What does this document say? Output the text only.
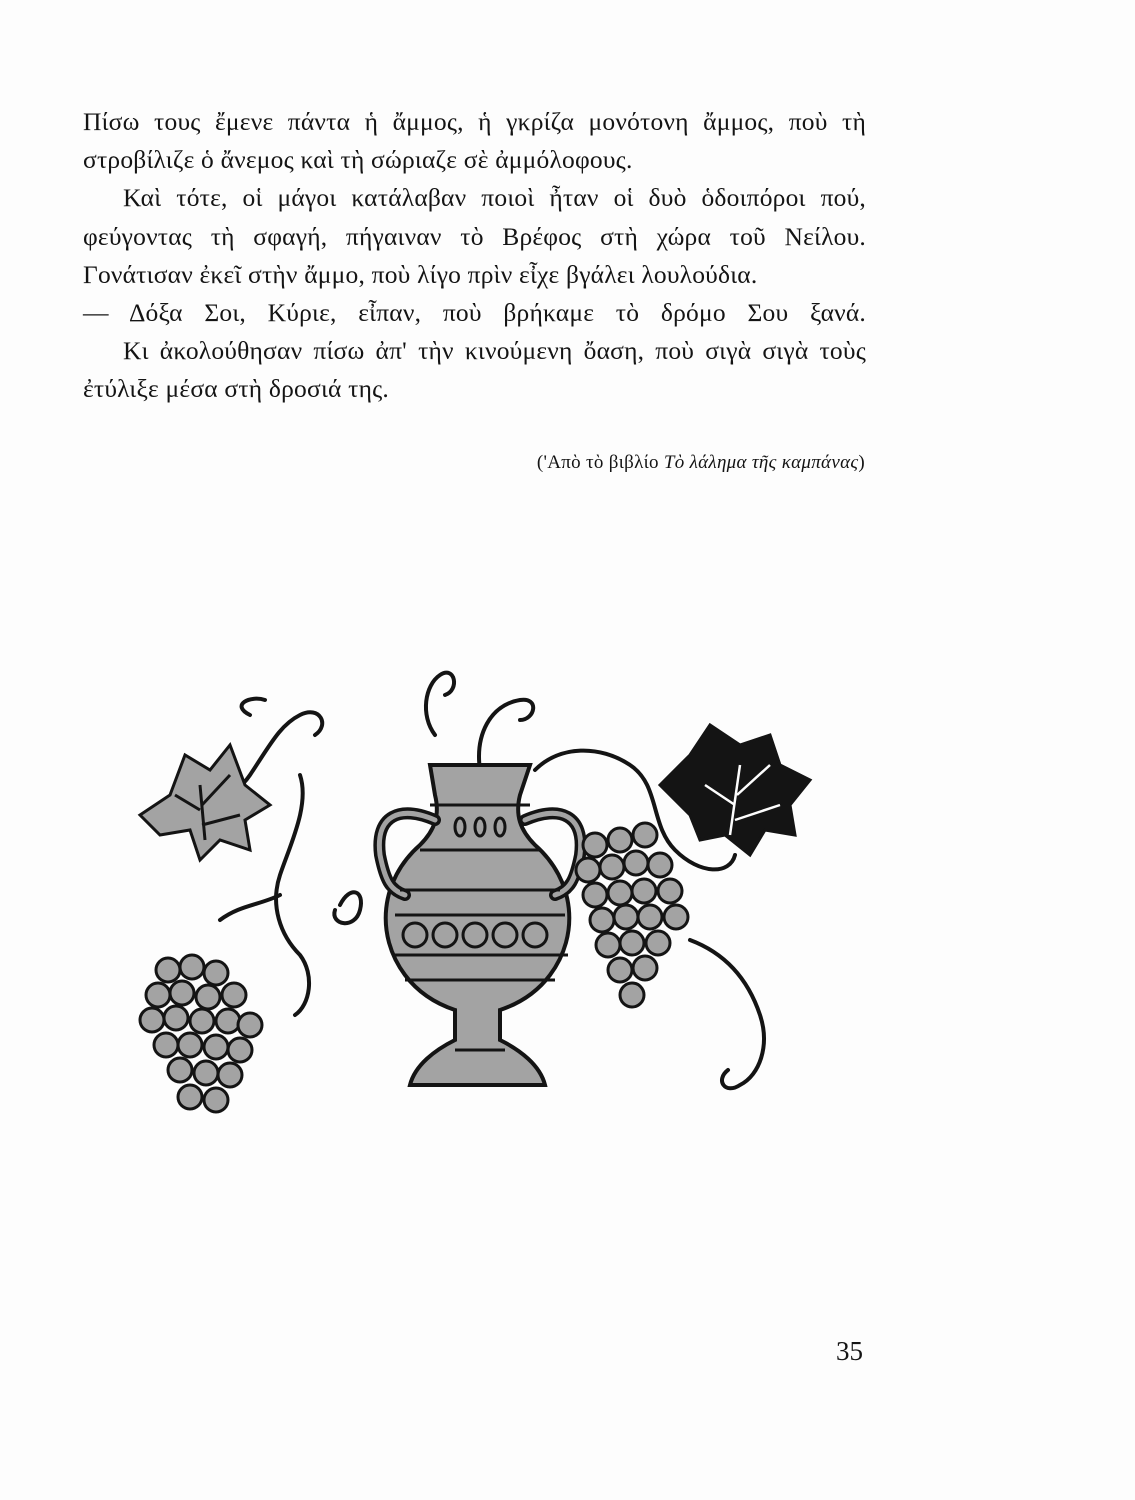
Πίσω τους ἔμενε πάντα ἡ ἄμμος, ἡ γκρίζα μονότονη ἄμμος, ποὺ τὴ στροβίλιζε ὁ ἄνεμος καὶ τὴ σώριαζε σὲ ἀμμόλοφους.

Καὶ τότε, οἱ μάγοι κατάλαβαν ποιοὶ ἦταν οἱ δυὸ ὁδοιπόροι πού, φεύγοντας τὴ σφαγή, πήγαιναν τὸ Βρέφος στὴ χώρα τοῦ Νείλου. Γονάτισαν ἐκεῖ στὴν ἄμμο, ποὺ λίγο πρὶν εἶχε βγάλει λουλούδια.

— Δόξα Σοι, Κύριε, εἶπαν, ποὺ βρήκαμε τὸ δρόμο Σου ξανά.

Κι ἀκολούθησαν πίσω ἀπ' τὴν κινούμενη ὄαση, ποὺ σιγὰ σιγὰ τοὺς ἐτύλιξε μέσα στὴ δροσιά της.

('Απὸ τὸ βιβλίο Τὸ λάλημα τῆς καμπάνας)
35
